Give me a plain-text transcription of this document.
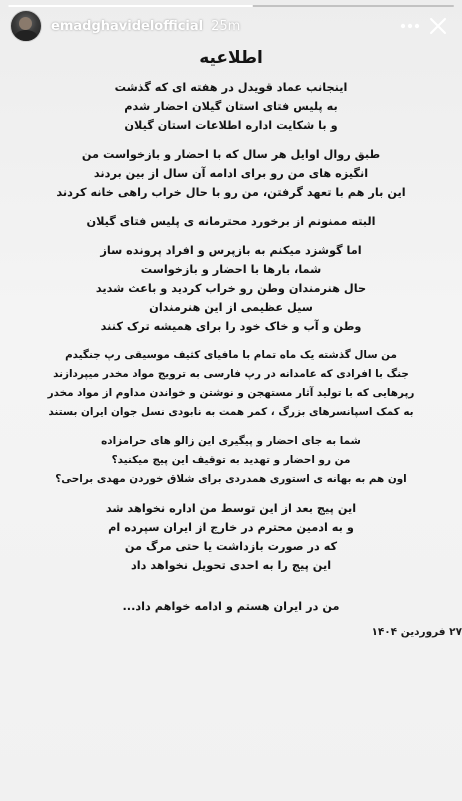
emadghavidelofficial 25m
اطلاعیه
اینجانب عماد قویدل در هفته ای که گذشت
به پلیس فتای استان گیلان احضار شدم
و با شکایت اداره اطلاعات استان گیلان
طبق روال اوایل هر سال که با احضار و بازخواست من
انگیزه های من رو برای ادامه آن سال از بین بردند
این بار هم با تعهد گرفتن، من رو با حال خراب راهی خانه کردند
البته ممنونم از برخورد محترمانه ی پلیس فتای گیلان
اما گوشزد میکنم به بازپرس و افراد پرونده ساز
شما، بارها با احضار و بازخواست
حال هنرمندان وطن رو خراب کردید و باعث شدید
سیل عظیمی از این هنرمندان
وطن و آب و خاک خود را برای همیشه ترک کنند
من سال گذشته یک ماه تمام با مافیای کثیف موسیقی رپ جنگیدم
جنگ با افرادی که عامدانه در رپ فارسی به ترویج مواد مخدر میپردازند
رپرهایی که با تولید آثار مستهجن و نوشتن و خواندن مداوم از مواد مخدر
به کمک اسپانسرهای بزرگ ، کمر همت به نابودی نسل جوان ایران بستند
شما به جای احضار و پیگیری این زالو های حرامزاده
من رو احضار و تهدید به توقیف این پیج میکنید؟
اون هم به بهانه ی استوری همدردی برای شلاق خوردن مهدی براحی؟
این پیج بعد از این توسط من اداره نخواهد شد
و به ادمین محترم در خارج از ایران سپرده ام
که در صورت بازداشت یا حتی مرگ من
این پیج را به احدی تحویل نخواهد داد
من در ایران هستم و ادامه خواهم داد...
۲۷ فروردین ۱۴۰۴
